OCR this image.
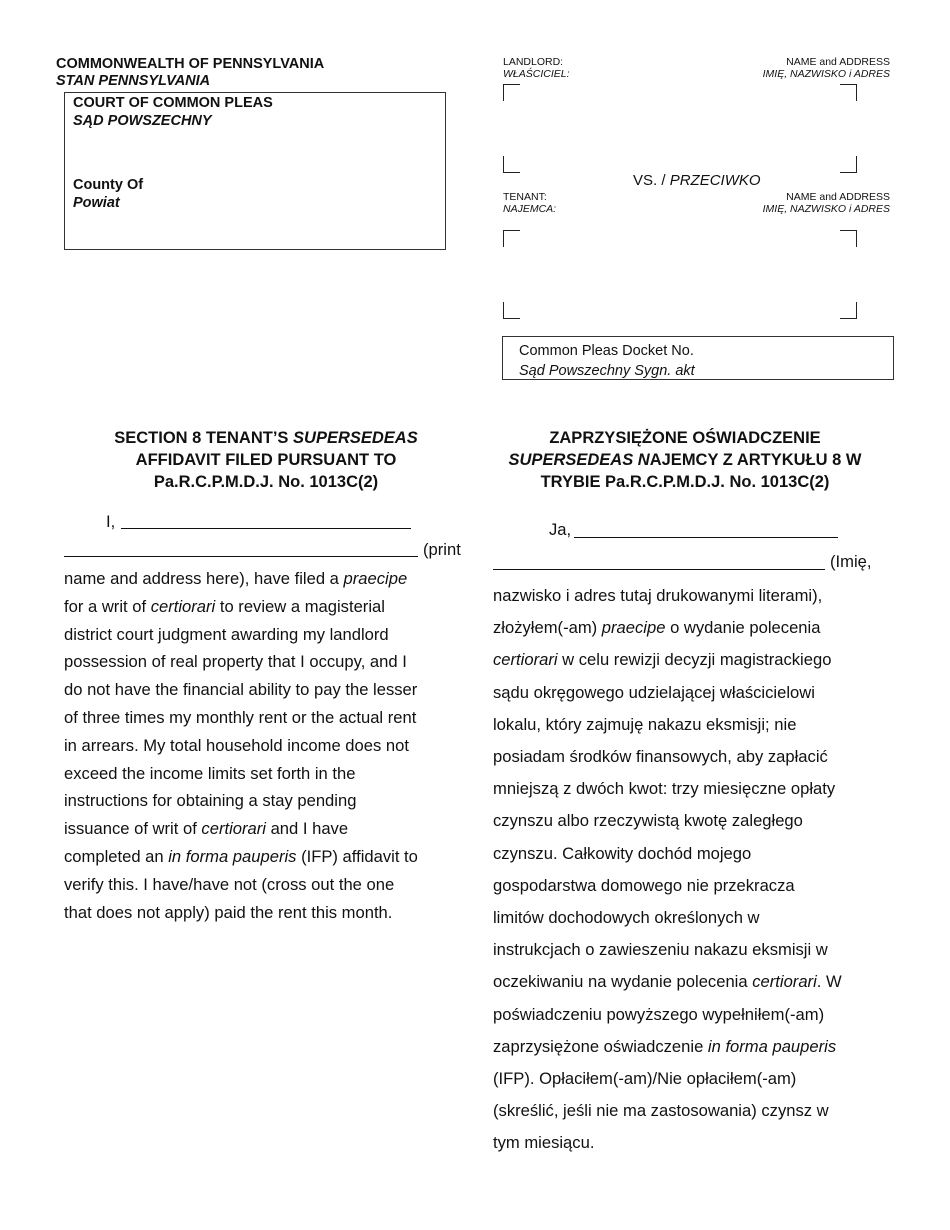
COMMONWEALTH OF PENNSYLVANIA
STAN PENNSYLVANIA
COURT OF COMMON PLEAS
SĄD POWSZECHNY
County Of
Powiat
LANDLORD:
WŁAŚCICIEL:
NAME and ADDRESS
IMIĘ, NAZWISKO i ADRES
VS. / PRZECIWKO
TENANT:
NAJEMCA:
NAME and ADDRESS
IMIĘ, NAZWISKO i ADRES
Common Pleas Docket No.
Sąd Powszechny Sygn. akt
SECTION 8 TENANT’S SUPERSEDEAS
AFFIDAVIT FILED PURSUANT TO
Pa.R.C.P.M.D.J. No. 1013C(2)
ZAPRZYSIĘŻONE OŚWIADCZENIE
SUPERSEDEAS NAJEMCY Z ARTYKUŁU 8 W
TRYBIE Pa.R.C.P.M.D.J. No. 1013C(2)
I,
(print
name and address here), have filed a praecipe
for a writ of certiorari to review a magisterial
district court judgment awarding my landlord
possession of real property that I occupy, and I
do not have the financial ability to pay the lesser
of three times my monthly rent or the actual rent
in arrears. My total household income does not
exceed the income limits set forth in the
instructions for obtaining a stay pending
issuance of writ of certiorari and I have
completed an in forma pauperis (IFP) affidavit to
verify this. I have/have not (cross out the one
that does not apply) paid the rent this month.
Ja,
(Imię,
nazwisko i adres tutaj drukowanymi literami),
złożyłem(-am) praecipe o wydanie polecenia
certiorari w celu rewizji decyzji magistrackiego
sądu okręgowego udzielającej właścicielowi
lokalu, który zajmuję nakazu eksmisji; nie
posiadam środków finansowych, aby zapłacić
mniejszą z dwóch kwot: trzy miesięczne opłaty
czynszu albo rzeczywistą kwotę zaległego
czynszu. Całkowity dochód mojego
gospodarstwa domowego nie przekracza
limitów dochodowych określonych w
instrukcjach o zawieszeniu nakazu eksmisji w
oczekiwaniu na wydanie polecenia certiorari. W
poświadczeniu powyższego wypełniłem(-am)
zaprzysiężone oświadczenie in forma pauperis
(IFP). Opłaciłem(-am)/Nie opłaciłem(-am)
(skreślić, jeśli nie ma zastosowania) czynsz w
tym miesiącu.
